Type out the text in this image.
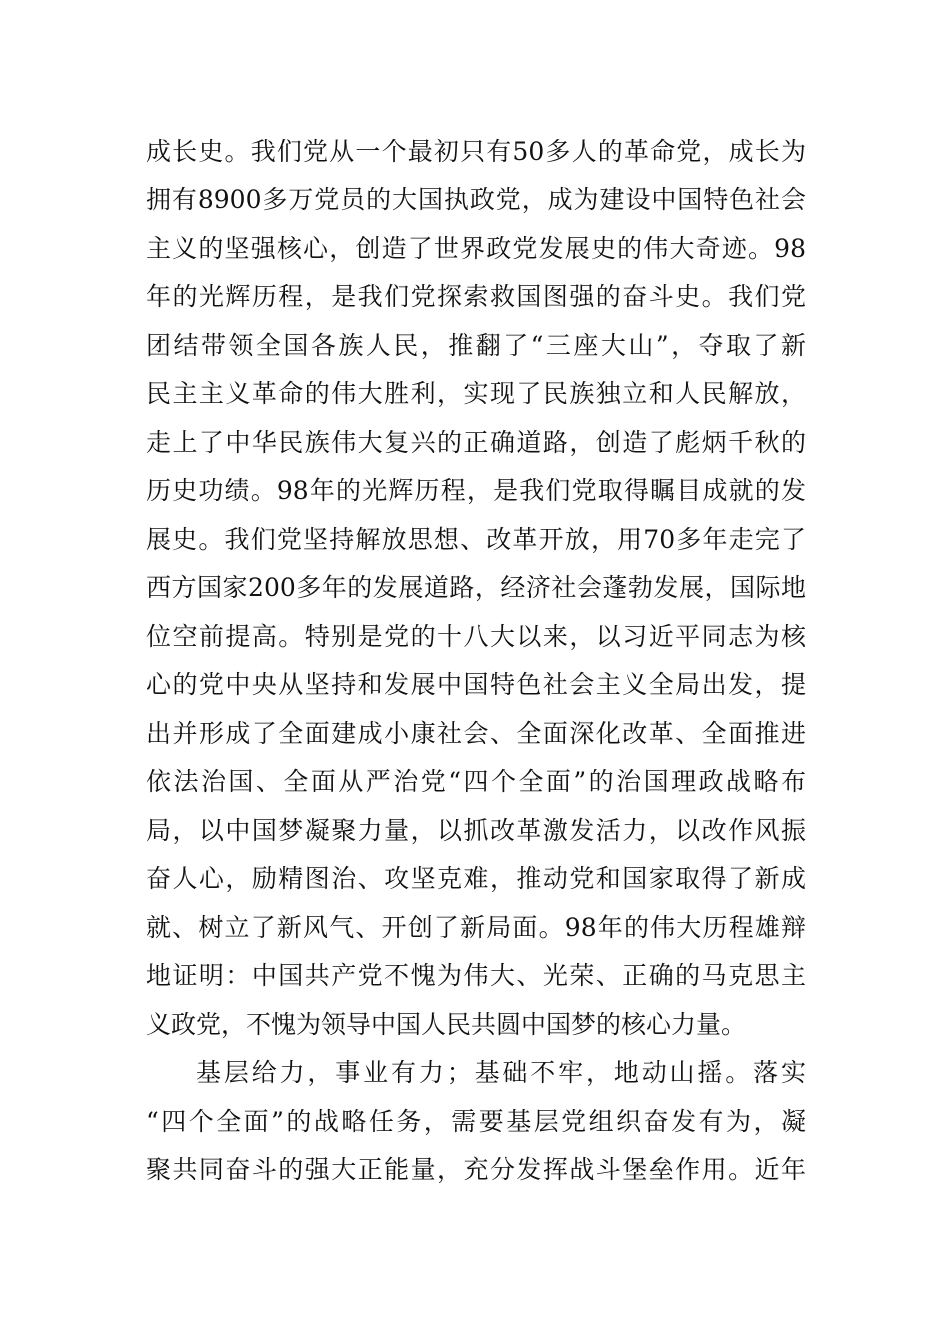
成长史。我们党从一个最初只有50多人的革命党，成长为
拥有8900多万党员的大国执政党，成为建设中国特色社会
主义的坚强核心，创造了世界政党发展史的伟大奇迹。98
年的光辉历程，是我们党探索救国图强的奋斗史。我们党
团结带领全国各族人民，推翻了“三座大山”，夺取了新
民主主义革命的伟大胜利，实现了民族独立和人民解放，
走上了中华民族伟大复兴的正确道路，创造了彪炳千秋的
历史功绩。98年的光辉历程，是我们党取得瞩目成就的发
展史。我们党坚持解放思想、改革开放，用70多年走完了
西方国家200多年的发展道路，经济社会蓬勃发展，国际地
位空前提高。特别是党的十八大以来，以习近平同志为核
心的党中央从坚持和发展中国特色社会主义全局出发，提
出并形成了全面建成小康社会、全面深化改革、全面推进
依法治国、全面从严治党“四个全面”的治国理政战略布
局，以中国梦凝聚力量，以抓改革激发活力，以改作风振
奋人心，励精图治、攻坚克难，推动党和国家取得了新成
就、树立了新风气、开创了新局面。98年的伟大历程雄辩
地证明：中国共产党不愧为伟大、光荣、正确的马克思主
义政党，不愧为领导中国人民共圆中国梦的核心力量。
基层给力，事业有力；基础不牢，地动山摇。落实
“四个全面”的战略任务，需要基层党组织奋发有为，凝
聚共同奋斗的强大正能量，充分发挥战斗堡垒作用。近年
